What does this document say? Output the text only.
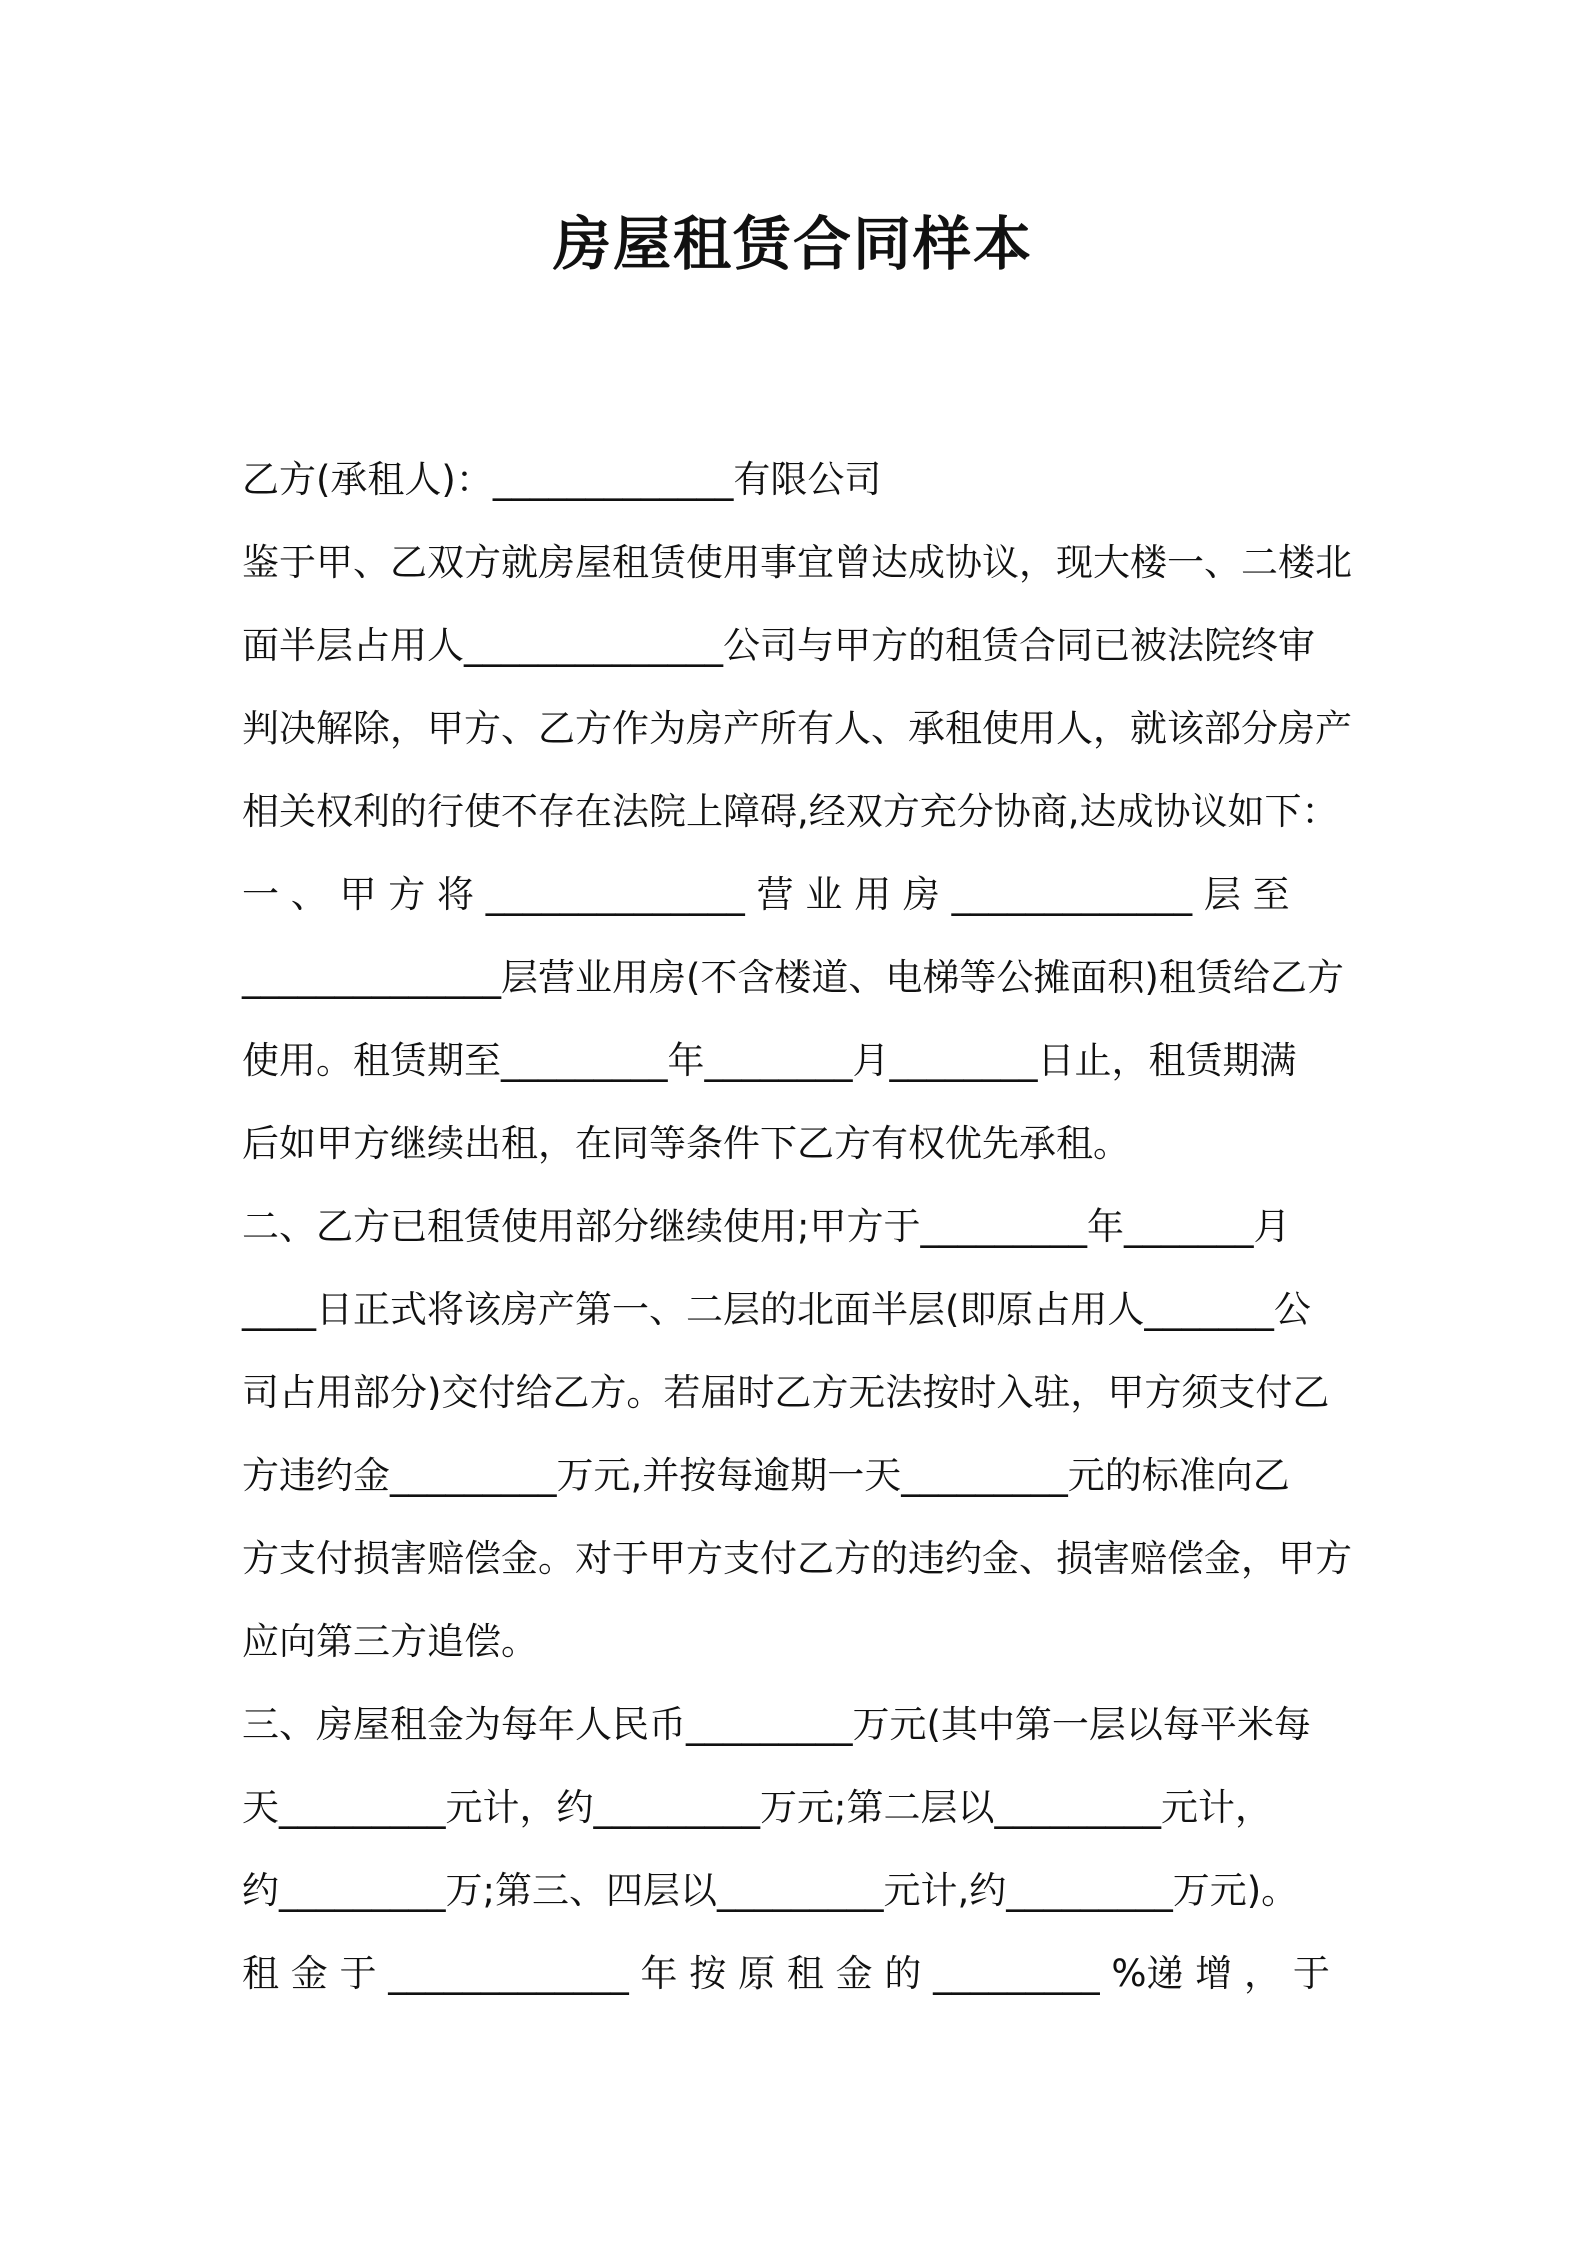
房屋租赁合同样本
乙方(承租人)：_____________有限公司
鉴于甲、乙双方就房屋租赁使用事宜曾达成协议，现大楼一、二楼北
面半层占用人______________公司与甲方的租赁合同已被法院终审
判决解除，甲方、乙方作为房产所有人、承租使用人，就该部分房产
相关权利的行使不存在法院上障碍,经双方充分协商,达成协议如下：
一 、 甲 方 将 ______________ 营 业 用 房 _____________ 层 至
______________层营业用房(不含楼道、电梯等公摊面积)租赁给乙方
使用。租赁期至_________年________月________日止，租赁期满
后如甲方继续出租，在同等条件下乙方有权优先承租。
二、乙方已租赁使用部分继续使用;甲方于_________年_______月
____日正式将该房产第一、二层的北面半层(即原占用人_______公
司占用部分)交付给乙方。若届时乙方无法按时入驻，甲方须支付乙
方违约金_________万元,并按每逾期一天_________元的标准向乙
方支付损害赔偿金。对于甲方支付乙方的违约金、损害赔偿金，甲方
应向第三方追偿。
三、房屋租金为每年人民币_________万元(其中第一层以每平米每
天_________元计，约_________万元;第二层以_________元计，
约_________万;第三、四层以_________元计,约_________万元)。
租 金 于 _____________ 年 按 原 租 金 的 _________ %递 增 ， 于
